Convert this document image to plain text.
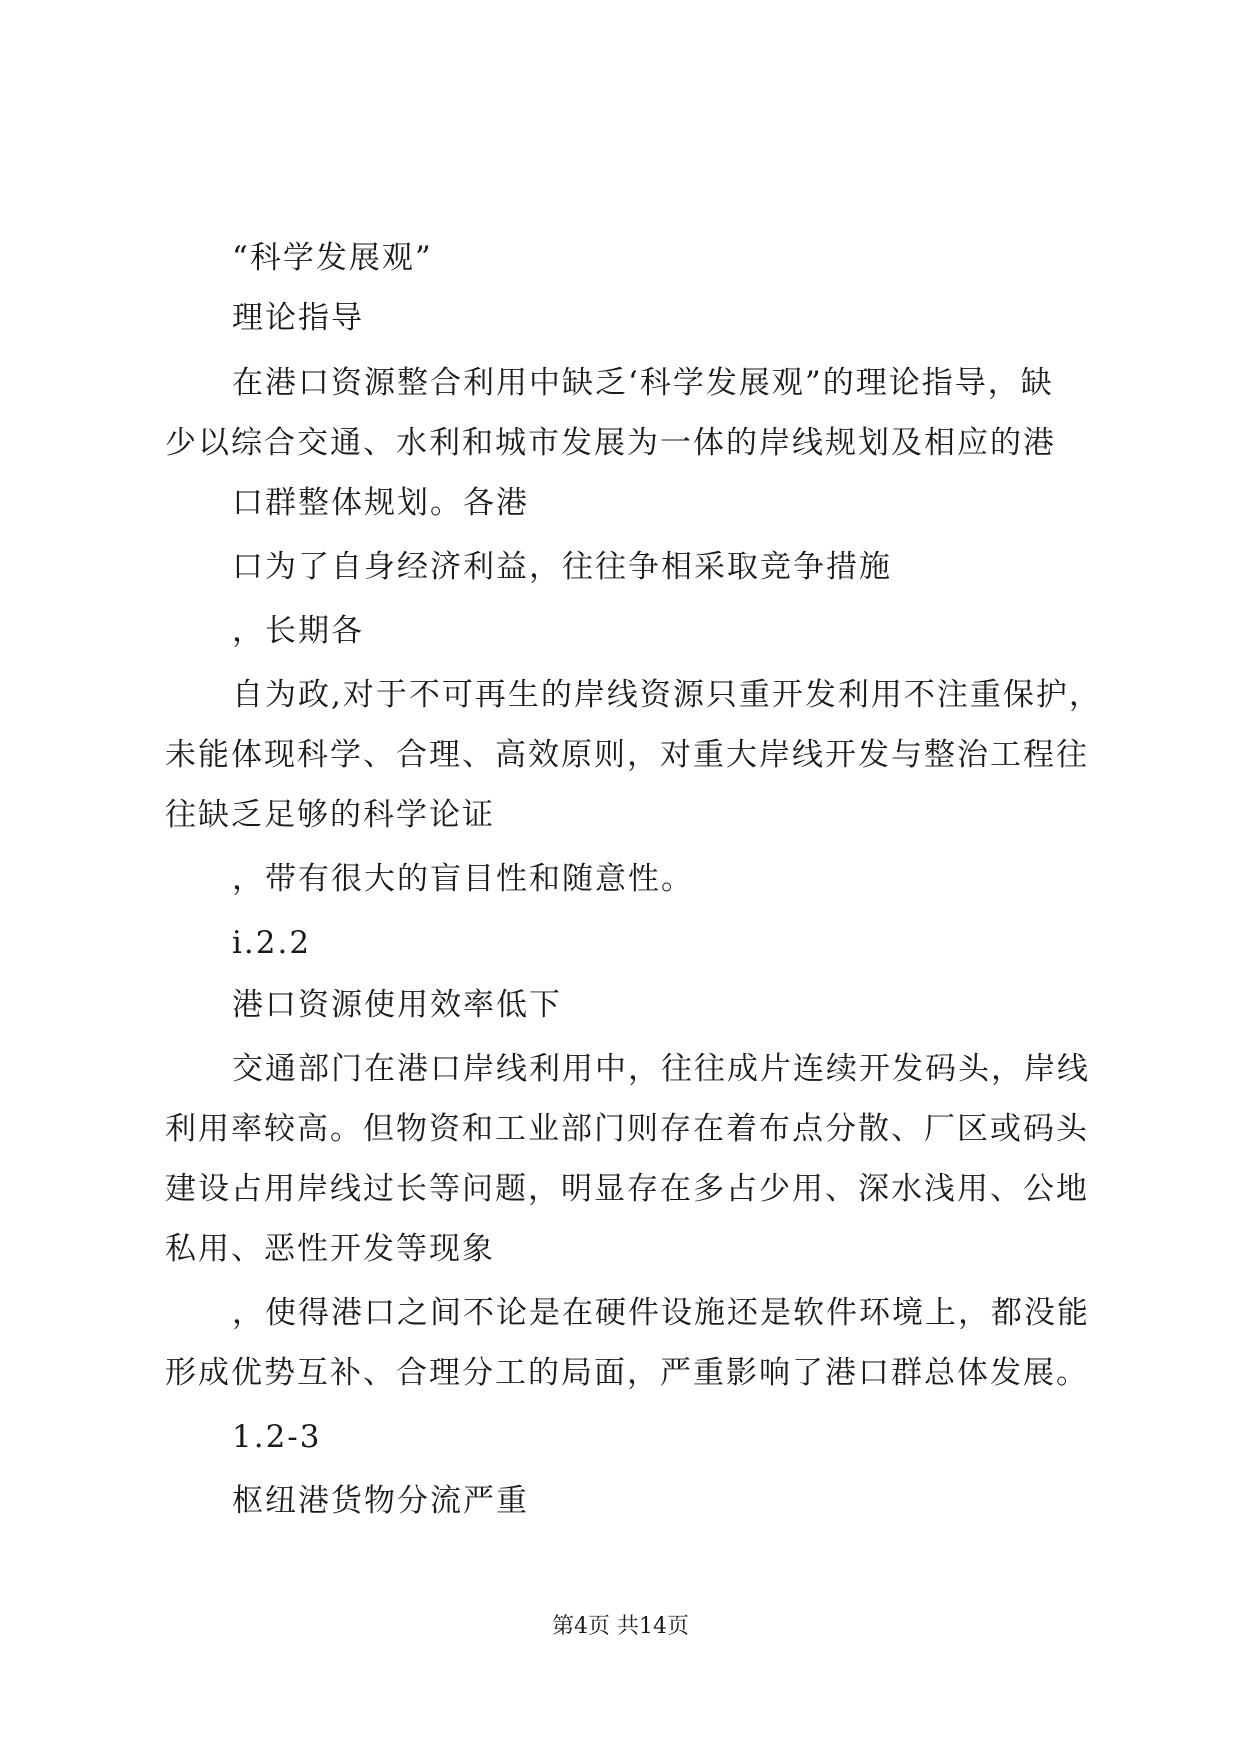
“科学发展观”
理论指导
在港口资源整合利用中缺乏‘科学发展观”的理论指导，缺
少以综合交通、水利和城市发展为一体的岸线规划及相应的港
口群整体规划。各港
口为了自身经济利益，往往争相采取竞争措施
，长期各
自为政,对于不可再生的岸线资源只重开发利用不注重保护，
未能体现科学、合理、高效原则，对重大岸线开发与整治工程往
往缺乏足够的科学论证
，带有很大的盲目性和随意性。
i.2.2
港口资源使用效率低下
交通部门在港口岸线利用中，往往成片连续开发码头，岸线
利用率较高。但物资和工业部门则存在着布点分散、厂区或码头
建设占用岸线过长等问题，明显存在多占少用、深水浅用、公地
私用、恶性开发等现象
，使得港口之间不论是在硬件设施还是软件环境上，都没能
形成优势互补、合理分工的局面，严重影响了港口群总体发展。
1.2-3
枢纽港货物分流严重
第4页 共14页
